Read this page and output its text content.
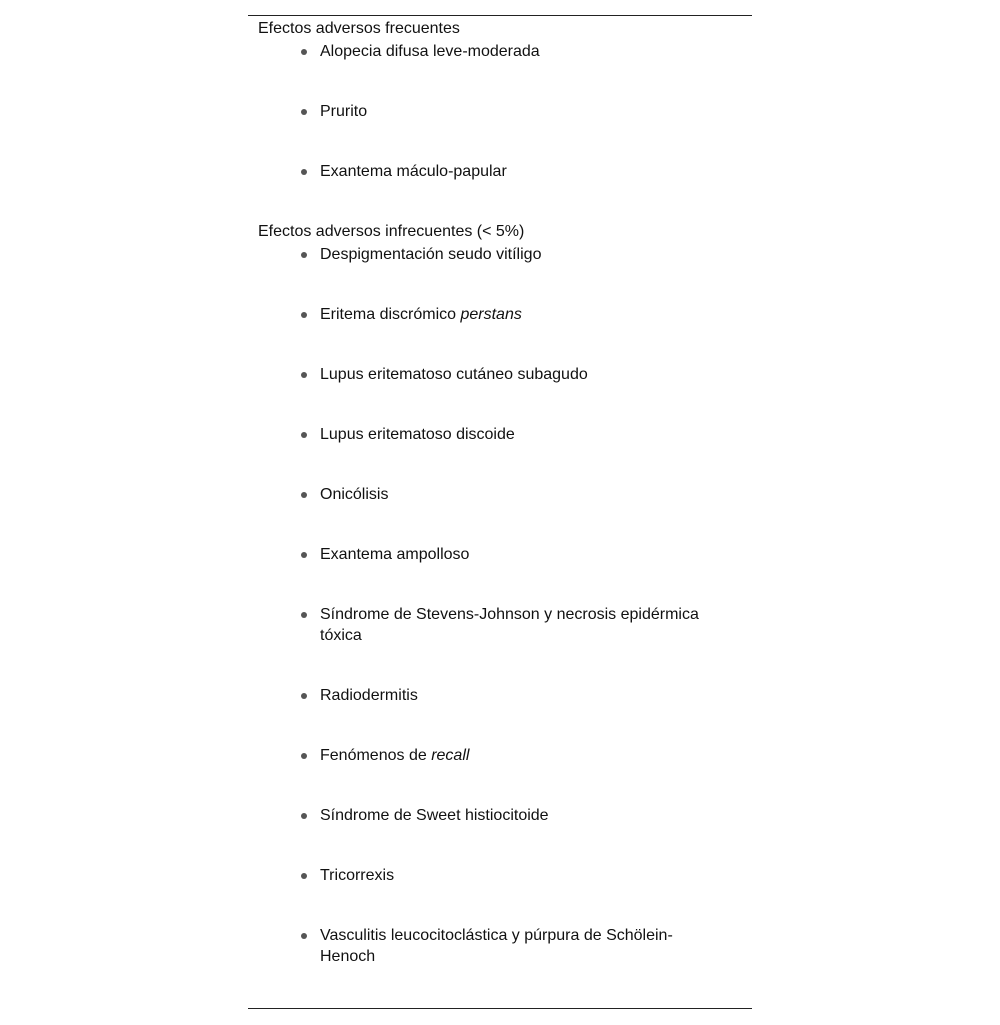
Efectos adversos frecuentes
Alopecia difusa leve-moderada
Prurito
Exantema máculo-papular
Efectos adversos infrecuentes (< 5%)
Despigmentación seudo vitíligo
Eritema discrómico perstans
Lupus eritematoso cutáneo subagudo
Lupus eritematoso discoide
Onicólisis
Exantema ampolloso
Síndrome de Stevens-Johnson y necrosis epidérmica tóxica
Radiodermitis
Fenómenos de recall
Síndrome de Sweet histiocitoide
Tricorrexis
Vasculitis leucocitoclástica y púrpura de Schölein-Henoch
